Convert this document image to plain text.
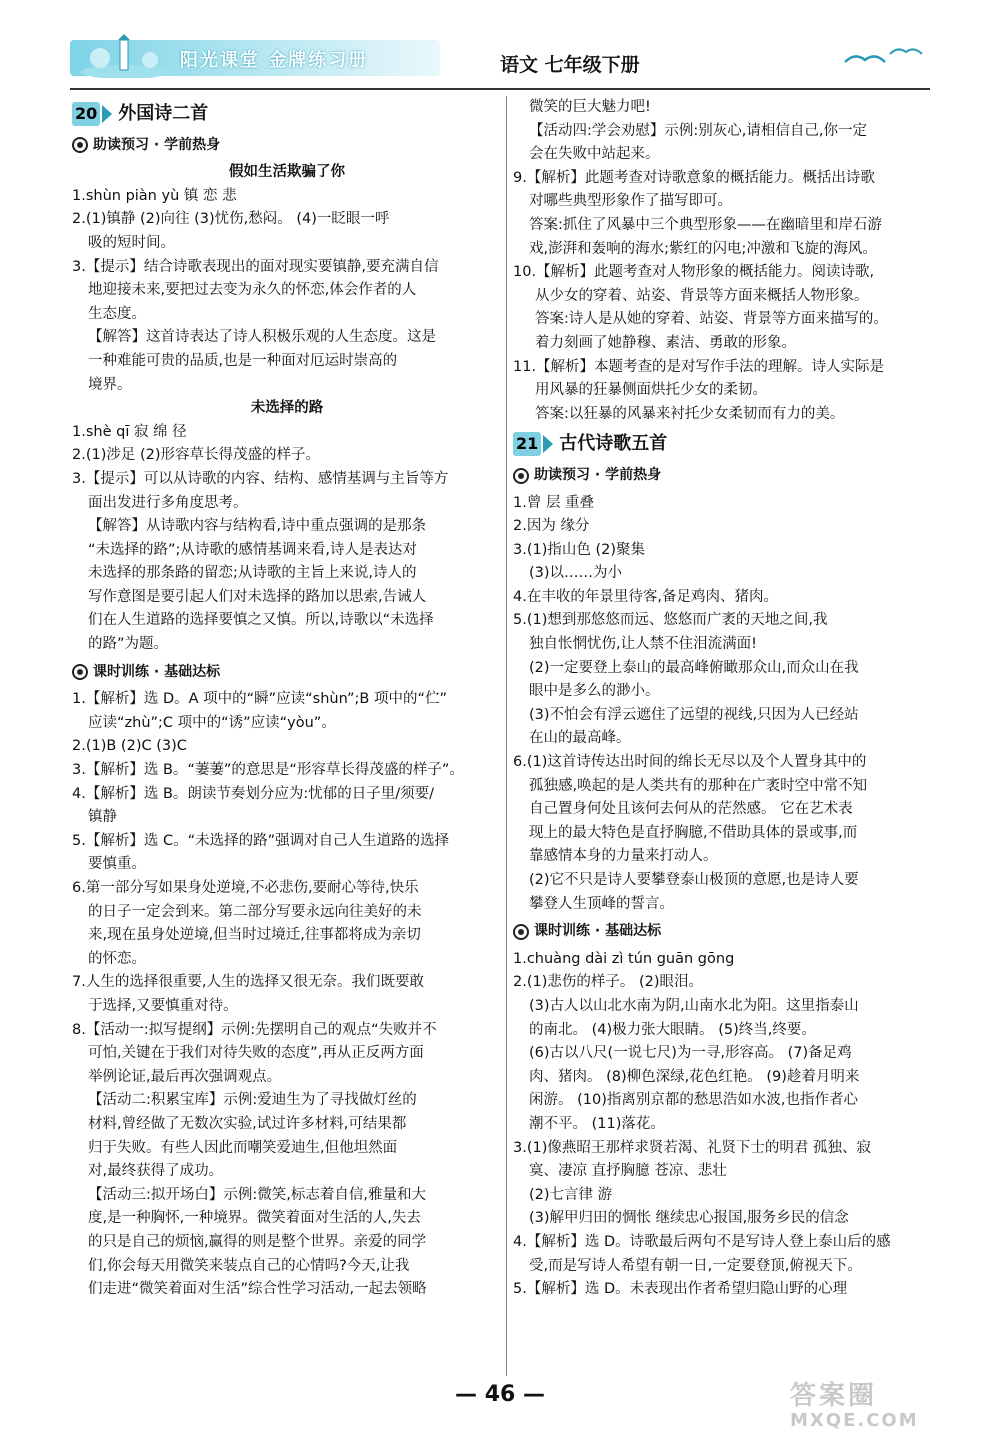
阳光课堂 金牌练习册	语文 七年级下册
20 外国诗二首
助读预习 · 学前热身
假如生活欺骗了你
1.shùn piàn yù 镇 恋 悲
2.(1)镇静 (2)向往 (3)忧伤,愁闷。 (4)一眨眼一呼
吸的短时间。
3.【提示】结合诗歌表现出的面对现实要镇静,要充满自信
地迎接未来,要把过去变为永久的怀恋,体会作者的人
生态度。
【解答】这首诗表达了诗人积极乐观的人生态度。这是
一种难能可贵的品质,也是一种面对厄运时崇高的
境界。
未选择的路
1.shè qī 寂 绵 径
2.(1)涉足 (2)形容草长得茂盛的样子。
3.【提示】可以从诗歌的内容、结构、感情基调与主旨等方
面出发进行多角度思考。
【解答】从诗歌内容与结构看,诗中重点强调的是那条
“未选择的路”;从诗歌的感情基调来看,诗人是表达对
未选择的那条路的留恋;从诗歌的主旨上来说,诗人的
写作意图是要引起人们对未选择的路加以思索,告诫人
们在人生道路的选择要慎之又慎。所以,诗歌以“未选择
的路”为题。
课时训练 · 基础达标
1.【解析】选 D。A 项中的“瞬”应读“shùn”;B 项中的“伫”
应读“zhù”;C 项中的“诱”应读“yòu”。
2.(1)B (2)C (3)C
3.【解析】选 B。“萋萋”的意思是“形容草长得茂盛的样子”。
4.【解析】选 B。朗读节奏划分应为:忧郁的日子里/须要/
镇静
5.【解析】选 C。“未选择的路”强调对自己人生道路的选择
要慎重。
6.第一部分写如果身处逆境,不必悲伤,要耐心等待,快乐
的日子一定会到来。第二部分写要永远向往美好的未
来,现在虽身处逆境,但当时过境迁,往事都将成为亲切
的怀恋。
7.人生的选择很重要,人生的选择又很无奈。我们既要敢
于选择,又要慎重对待。
8.【活动一:拟写提纲】示例:先摆明自己的观点“失败并不
可怕,关键在于我们对待失败的态度”,再从正反两方面
举例论证,最后再次强调观点。
【活动二:积累宝库】示例:爱迪生为了寻找做灯丝的
材料,曾经做了无数次实验,试过许多材料,可结果都
归于失败。有些人因此而嘲笑爱迪生,但他坦然面
对,最终获得了成功。
【活动三:拟开场白】示例:微笑,标志着自信,雅量和大
度,是一种胸怀,一种境界。微笑着面对生活的人,失去
的只是自己的烦恼,赢得的则是整个世界。亲爱的同学
们,你会每天用微笑来装点自己的心情吗?今天,让我
们走进“微笑着面对生活”综合性学习活动,一起去领略
微笑的巨大魅力吧!
【活动四:学会劝慰】示例:别灰心,请相信自己,你一定
会在失败中站起来。
9.【解析】此题考查对诗歌意象的概括能力。概括出诗歌
对哪些典型形象作了描写即可。
答案:抓住了风暴中三个典型形象——在幽暗里和岸石游
戏,澎湃和轰响的海水;紫红的闪电;冲激和飞旋的海风。
10.【解析】此题考查对人物形象的概括能力。阅读诗歌,
从少女的穿着、站姿、背景等方面来概括人物形象。
答案:诗人是从她的穿着、站姿、背景等方面来描写的。
着力刻画了她静穆、素洁、勇敢的形象。
11.【解析】本题考查的是对写作手法的理解。诗人实际是
用风暴的狂暴侧面烘托少女的柔韧。
答案:以狂暴的风暴来衬托少女柔韧而有力的美。
21 古代诗歌五首
助读预习 · 学前热身
1.曾 层 重叠
2.因为 缘分
3.(1)指山色 (2)聚集
(3)以……为小
4.在丰收的年景里待客,备足鸡肉、猪肉。
5.(1)想到那悠悠而远、悠悠而广袤的天地之间,我
独自怅惘忧伤,让人禁不住泪流满面!
(2)一定要登上泰山的最高峰俯瞰那众山,而众山在我
眼中是多么的渺小。
(3)不怕会有浮云遮住了远望的视线,只因为人已经站
在山的最高峰。
6.(1)这首诗传达出时间的绵长无尽以及个人置身其中的
孤独感,唤起的是人类共有的那种在广袤时空中常不知
自己置身何处且该何去何从的茫然感。 它在艺术表
现上的最大特色是直抒胸臆,不借助具体的景或事,而
靠感情本身的力量来打动人。
(2)它不只是诗人要攀登泰山极顶的意愿,也是诗人要
攀登人生顶峰的誓言。
课时训练 · 基础达标
1.chuàng dài zì tún guān gōng
2.(1)悲伤的样子。 (2)眼泪。
(3)古人以山北水南为阴,山南水北为阳。这里指泰山
的南北。 (4)极力张大眼睛。 (5)终当,终要。
(6)古以八尺(一说七尺)为一寻,形容高。 (7)备足鸡
肉、猪肉。 (8)柳色深绿,花色红艳。 (9)趁着月明来
闲游。 (10)指离别京都的愁思浩如水波,也指作者心
潮不平。 (11)落花。
3.(1)像燕昭王那样求贤若渴、礼贤下士的明君 孤独、寂
寞、凄凉 直抒胸臆 苍凉、悲壮
(2)七言律 游
(3)解甲归田的惆怅 继续忠心报国,服务乡民的信念
4.【解析】选 D。诗歌最后两句不是写诗人登上泰山后的感
受,而是写诗人希望有朝一日,一定要登顶,俯视天下。
5.【解析】选 D。未表现出作者希望归隐山野的心理
— 46 —	答案圈
MXQE.COM
